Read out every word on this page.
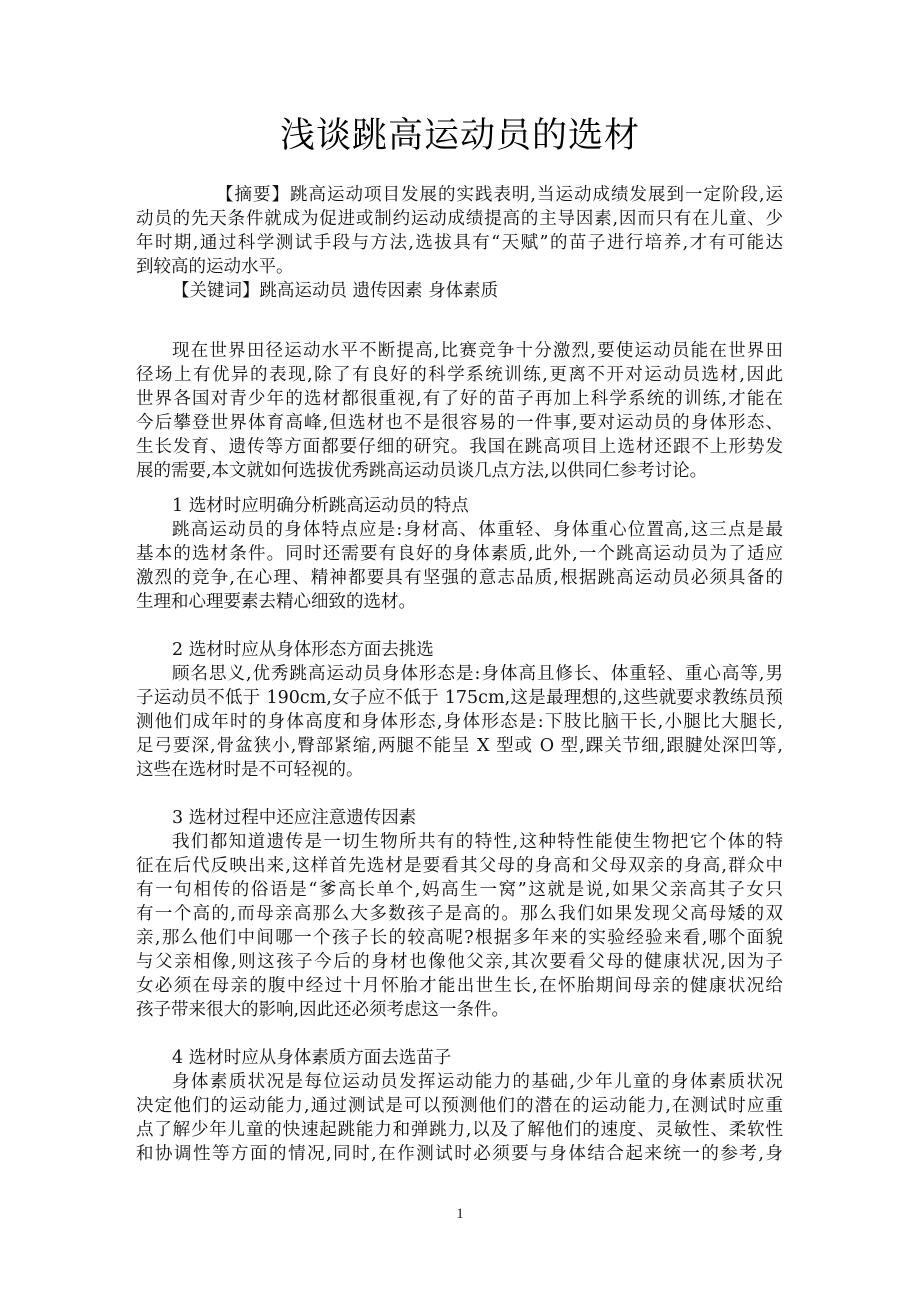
浅谈跳高运动员的选材
【摘要】跳高运动项目发展的实践表明,当运动成绩发展到一定阶段,运
动员的先天条件就成为促进或制约运动成绩提高的主导因素,因而只有在儿童、少
年时期,通过科学测试手段与方法,选拔具有“天赋”的苗子进行培养,才有可能达
到较高的运动水平。
【关键词】跳高运动员 遗传因素 身体素质
现在世界田径运动水平不断提高,比赛竞争十分激烈,要使运动员能在世界田
径场上有优异的表现,除了有良好的科学系统训练,更离不开对运动员选材,因此
世界各国对青少年的选材都很重视,有了好的苗子再加上科学系统的训练,才能在
今后攀登世界体育高峰,但选材也不是很容易的一件事,要对运动员的身体形态、
生长发育、遗传等方面都要仔细的研究。我国在跳高项目上选材还跟不上形势发
展的需要,本文就如何选拔优秀跳高运动员谈几点方法,以供同仁参考讨论。
1 选材时应明确分析跳高运动员的特点
跳高运动员的身体特点应是:身材高、体重轻、身体重心位置高,这三点是最
基本的选材条件。同时还需要有良好的身体素质,此外,一个跳高运动员为了适应
激烈的竞争,在心理、精神都要具有坚强的意志品质,根据跳高运动员必须具备的
生理和心理要素去精心细致的选材。
2 选材时应从身体形态方面去挑选
顾名思义,优秀跳高运动员身体形态是:身体高且修长、体重轻、重心高等,男
子运动员不低于 190cm,女子应不低于 175cm,这是最理想的,这些就要求教练员预
测他们成年时的身体高度和身体形态,身体形态是:下肢比脑干长,小腿比大腿长,
足弓要深,骨盆狭小,臀部紧缩,两腿不能呈 X 型或 O 型,踝关节细,跟腱处深凹等,
这些在选材时是不可轻视的。
3 选材过程中还应注意遗传因素
我们都知道遗传是一切生物所共有的特性,这种特性能使生物把它个体的特
征在后代反映出来,这样首先选材是要看其父母的身高和父母双亲的身高,群众中
有一句相传的俗语是“爹高长单个,妈高生一窝”这就是说,如果父亲高其子女只
有一个高的,而母亲高那么大多数孩子是高的。那么我们如果发现父高母矮的双
亲,那么他们中间哪一个孩子长的较高呢?根据多年来的实验经验来看,哪个面貌
与父亲相像,则这孩子今后的身材也像他父亲,其次要看父母的健康状况,因为子
女必须在母亲的腹中经过十月怀胎才能出世生长,在怀胎期间母亲的健康状况给
孩子带来很大的影响,因此还必须考虑这一条件。
4 选材时应从身体素质方面去选苗子
身体素质状况是每位运动员发挥运动能力的基础,少年儿童的身体素质状况
决定他们的运动能力,通过测试是可以预测他们的潜在的运动能力,在测试时应重
点了解少年儿童的快速起跳能力和弹跳力,以及了解他们的速度、灵敏性、柔软性
和协调性等方面的情况,同时,在作测试时必须要与身体结合起来统一的参考,身
1
